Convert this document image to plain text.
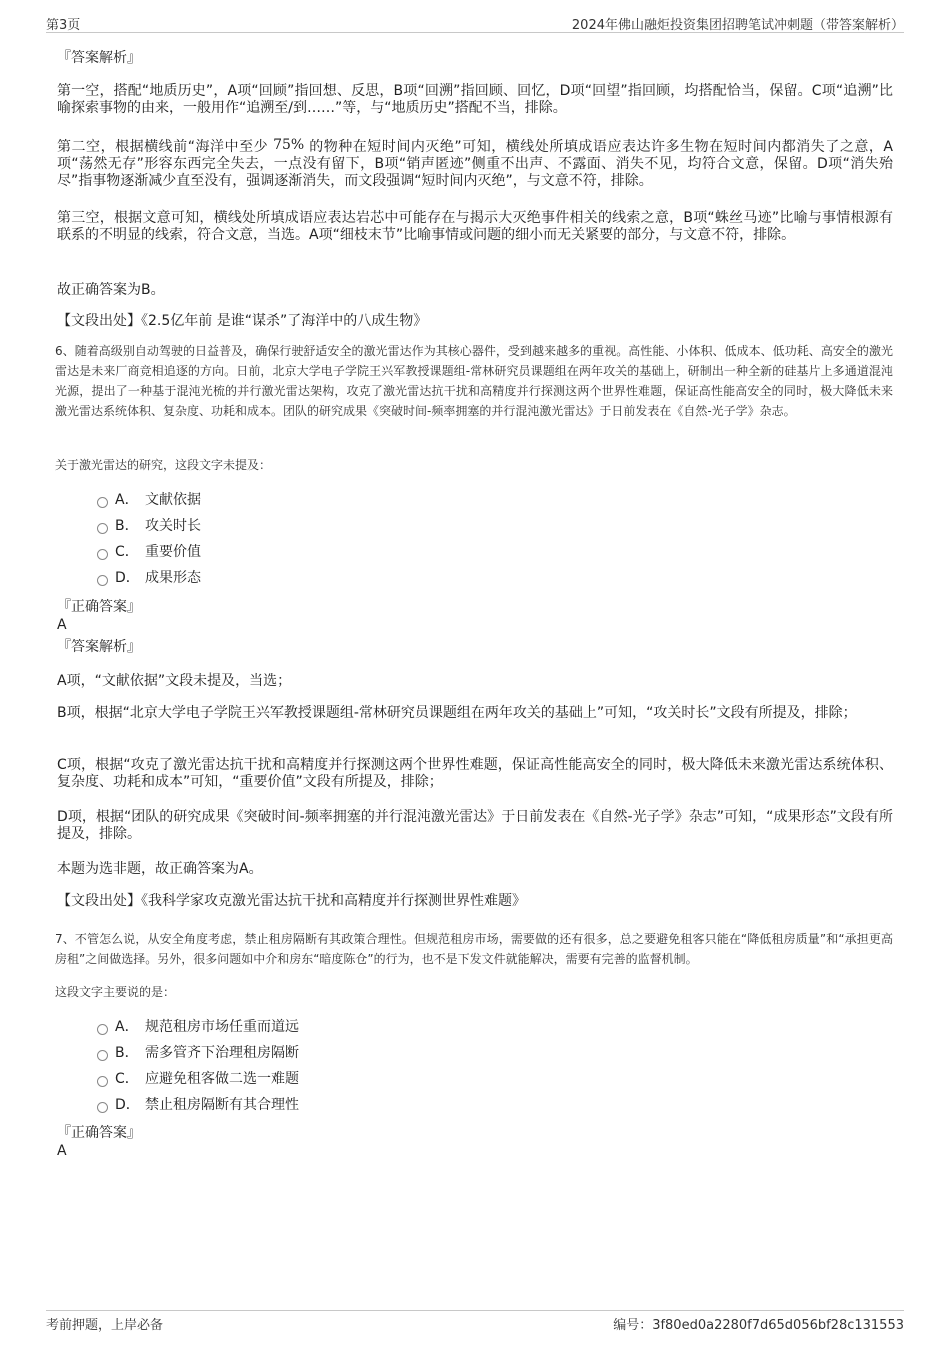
第3页	2024年佛山融炬投资集团招聘笔试冲刺题（带答案解析）

『答案解析』

第一空，搭配“地质历史”，A项“回顾”指回想、反思，B项“回溯”指回顾、回忆，D项“回望”指回顾，均搭配恰当，保留。C项“追溯”比喻探索事物的由来，一般用作“追溯至/到……”等，与“地质历史”搭配不当，排除。

第二空，根据横线前“海洋中至少 75% 的物种在短时间内灭绝”可知，横线处所填成语应表达许多生物在短时间内都消失了之意，A项“荡然无存”形容东西完全失去，一点没有留下，B项“销声匿迹”侧重不出声、不露面、消失不见，均符合文意，保留。D项“消失殆尽”指事物逐渐减少直至没有，强调逐渐消失，而文段强调“短时间内灭绝”，与文意不符，排除。

第三空，根据文意可知，横线处所填成语应表达岩芯中可能存在与揭示大灭绝事件相关的线索之意，B项“蛛丝马迹”比喻与事情根源有联系的不明显的线索，符合文意，当选。A项“细枝末节”比喻事情或问题的细小而无关紧要的部分，与文意不符，排除。

故正确答案为B。

【文段出处】《2.5亿年前 是谁“谋杀”了海洋中的八成生物》

6、随着高级别自动驾驶的日益普及，确保行驶舒适安全的激光雷达作为其核心器件，受到越来越多的重视。高性能、小体积、低成本、低功耗、高安全的激光雷达是未来厂商竞相追逐的方向。日前，北京大学电子学院王兴军教授课题组-常林研究员课题组在两年攻关的基础上，研制出一种全新的硅基片上多通道混沌光源，提出了一种基于混沌光梳的并行激光雷达架构，攻克了激光雷达抗干扰和高精度并行探测这两个世界性难题，保证高性能高安全的同时，极大降低未来激光雷达系统体积、复杂度、功耗和成本。团队的研究成果《突破时间-频率拥塞的并行混沌激光雷达》于日前发表在《自然-光子学》杂志。

关于激光雷达的研究，这段文字未提及：

A． 文献依据
B． 攻关时长
C． 重要价值
D． 成果形态

『正确答案』

A

『答案解析』

A项，“文献依据”文段未提及，当选；

B项，根据“北京大学电子学院王兴军教授课题组-常林研究员课题组在两年攻关的基础上”可知，“攻关时长”文段有所提及，排除；

C项，根据“攻克了激光雷达抗干扰和高精度并行探测这两个世界性难题，保证高性能高安全的同时，极大降低未来激光雷达系统体积、复杂度、功耗和成本”可知，“重要价值”文段有所提及，排除；

D项，根据“团队的研究成果《突破时间-频率拥塞的并行混沌激光雷达》于日前发表在《自然-光子学》杂志”可知，“成果形态”文段有所提及，排除。

本题为选非题，故正确答案为A。

【文段出处】《我科学家攻克激光雷达抗干扰和高精度并行探测世界性难题》

7、不管怎么说，从安全角度考虑，禁止租房隔断有其政策合理性。但规范租房市场，需要做的还有很多，总之要避免租客只能在“降低租房质量”和“承担更高房租”之间做选择。另外，很多问题如中介和房东“暗度陈仓”的行为，也不是下发文件就能解决，需要有完善的监督机制。

这段文字主要说的是：

A． 规范租房市场任重而道远
B． 需多管齐下治理租房隔断
C． 应避免租客做二选一难题
D． 禁止租房隔断有其合理性

『正确答案』

A

考前押题，上岸必备	编号：3f80ed0a2280f7d65d056bf28c131553
